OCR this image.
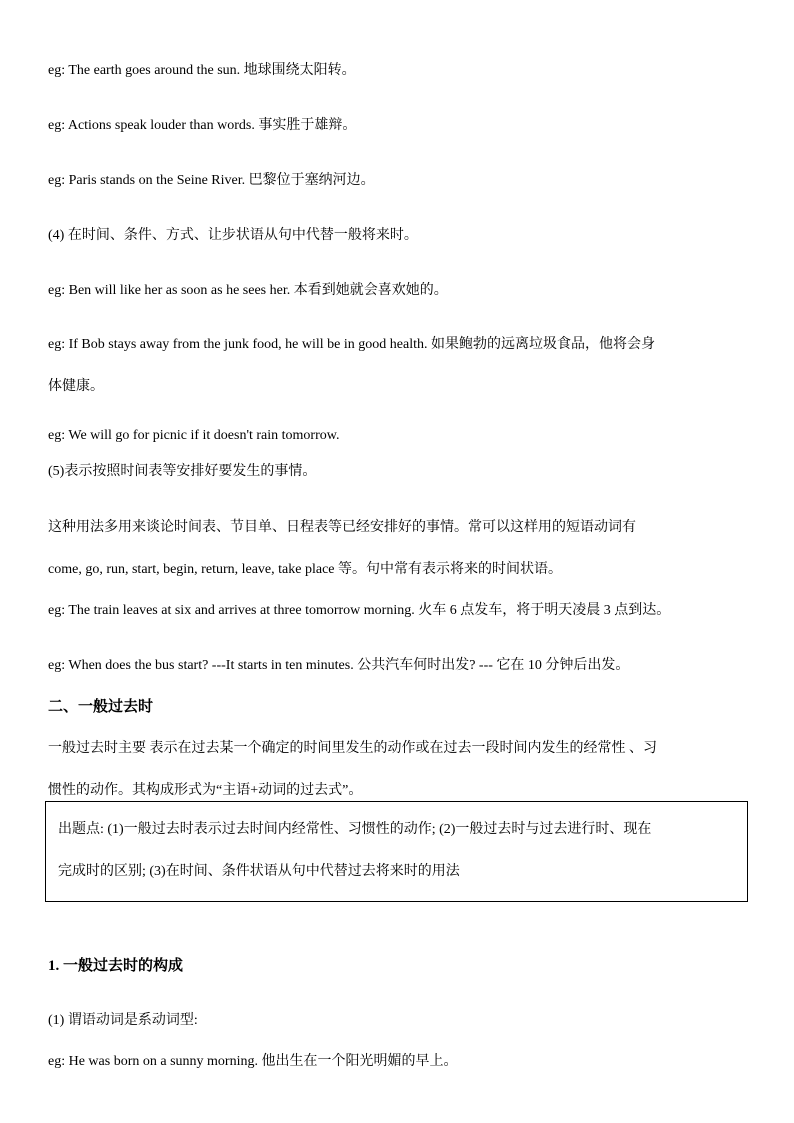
eg: The earth goes around the sun. 地球围绕太阳转。
eg: Actions speak louder than words. 事实胜于雄辩。
eg: Paris stands on the Seine River. 巴黎位于塞纳河边。
(4) 在时间、条件、方式、让步状语从句中代替一般将来时。
eg: Ben will like her as soon as he sees her. 本看到她就会喜欢她的。
eg: If Bob stays away from the junk food, he will be in good health. 如果鲍勃的远离垃圾食品，他将会身
体健康。
eg: We will go for picnic if it doesn't rain tomorrow.
(5)表示按照时间表等安排好要发生的事情。
这种用法多用来谈论时间表、节目单、日程表等已经安排好的事情。常可以这样用的短语动词有
come, go, run, start, begin, return, leave, take place 等。句中常有表示将来的时间状语。
eg: The train leaves at six and arrives at three tomorrow morning. 火车 6 点发车，将于明天凌晨 3 点到达。
eg: When does the bus start? ---It starts in ten minutes. 公共汽车何时出发? --- 它在 10 分钟后出发。
二、一般过去时
一般过去时主要 表示在过去某一个确定的时间里发生的动作或在过去一段时间内发生的经常性 、习
惯性的动作。其构成形式为“主语+动词的过去式”。
出题点: (1)一般过去时表示过去时间内经常性、习惯性的动作; (2)一般过去时与过去进行时、现在
完成时的区别; (3)在时间、条件状语从句中代替过去将来时的用法
1. 一般过去时的构成
(1) 谓语动词是系动词型:
eg: He was born on a sunny morning. 他出生在一个阳光明媚的早上。
